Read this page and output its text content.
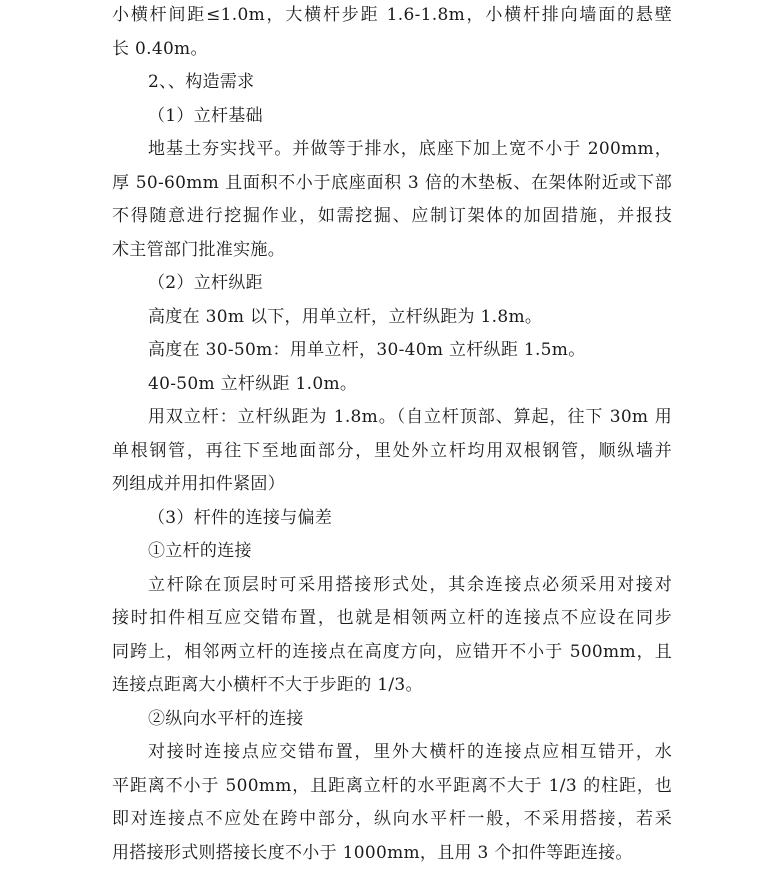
小横杆间距≤1.0m，大横杆步距 1.6-1.8m，小横杆排向墙面的悬壁
长 0.40m。
2、、构造需求
（1）立杆基础
地基土夯实找平。并做等于排水，底座下加上宽不小于 200mm，
厚 50-60mm 且面积不小于底座面积 3 倍的木垫板、在架体附近或下部
不得随意进行挖掘作业，如需挖掘、应制订架体的加固措施，并报技
术主管部门批准实施。
（2）立杆纵距
高度在 30m 以下，用单立杆，立杆纵距为 1.8m。
高度在 30-50m：用单立杆，30-40m 立杆纵距 1.5m。
40-50m 立杆纵距 1.0m。
用双立杆：立杆纵距为 1.8m。（自立杆顶部、算起，往下 30m 用
单根钢管，再往下至地面部分，里处外立杆均用双根钢管，顺纵墙并
列组成并用扣件紧固）
（3）杆件的连接与偏差
①立杆的连接
立杆除在顶层时可采用搭接形式处，其余连接点必须采用对接对
接时扣件相互应交错布置，也就是相领两立杆的连接点不应设在同步
同跨上，相邻两立杆的连接点在高度方向，应错开不小于 500mm，且
连接点距离大小横杆不大于步距的 1/3。
②纵向水平杆的连接
对接时连接点应交错布置，里外大横杆的连接点应相互错开，水
平距离不小于 500mm，且距离立杆的水平距离不大于 1/3 的柱距，也
即对连接点不应处在跨中部分，纵向水平杆一般，不采用搭接，若采
用搭接形式则搭接长度不小于 1000mm，且用 3 个扣件等距连接。
